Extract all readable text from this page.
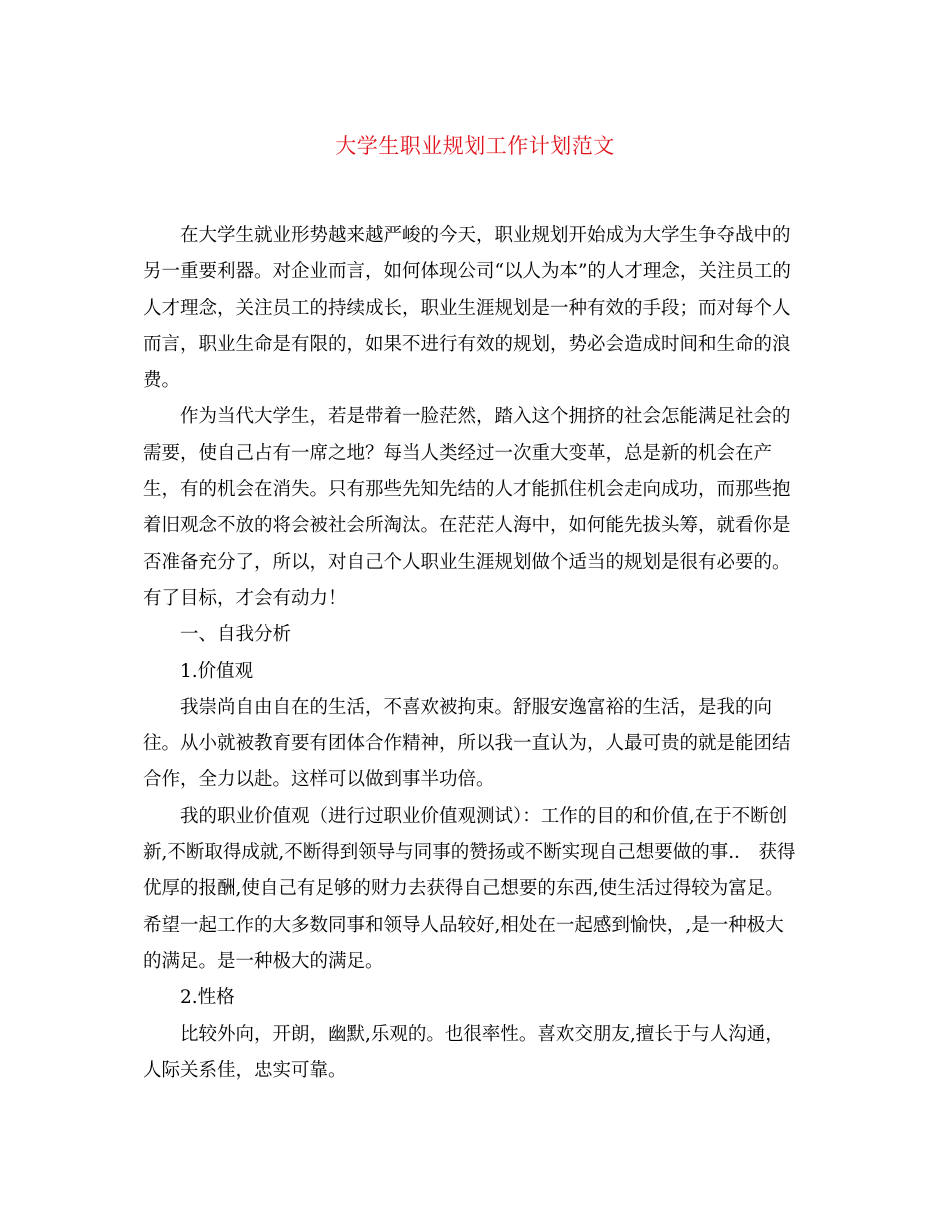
大学生职业规划工作计划范文

在大学生就业形势越来越严峻的今天，职业规划开始成为大学生争夺战中的
另一重要利器。对企业而言，如何体现公司“以人为本”的人才理念，关注员工的
人才理念，关注员工的持续成长，职业生涯规划是一种有效的手段；而对每个人
而言，职业生命是有限的，如果不进行有效的规划，势必会造成时间和生命的浪
费。

作为当代大学生，若是带着一脸茫然，踏入这个拥挤的社会怎能满足社会的
需要，使自己占有一席之地？每当人类经过一次重大变革，总是新的机会在产
生，有的机会在消失。只有那些先知先结的人才能抓住机会走向成功，而那些抱
着旧观念不放的将会被社会所淘汰。在茫茫人海中，如何能先拔头筹，就看你是
否准备充分了，所以，对自己个人职业生涯规划做个适当的规划是很有必要的。
有了目标，才会有动力！

一、自我分析

1.价值观

我崇尚自由自在的生活，不喜欢被拘束。舒服安逸富裕的生活，是我的向
往。从小就被教育要有团体合作精神，所以我一直认为，人最可贵的就是能团结
合作，全力以赴。这样可以做到事半功倍。

我的职业价值观（进行过职业价值观测试）：工作的目的和价值,在于不断创
新,不断取得成就,不断得到领导与同事的赞扬或不断实现自己想要做的事.． 获得
优厚的报酬,使自己有足够的财力去获得自己想要的东西,使生活过得较为富足。
希望一起工作的大多数同事和领导人品较好,相处在一起感到愉快，,是一种极大
的满足。是一种极大的满足。

2.性格

比较外向，开朗，幽默,乐观的。也很率性。喜欢交朋友,擅长于与人沟通，
人际关系佳，忠实可靠。
